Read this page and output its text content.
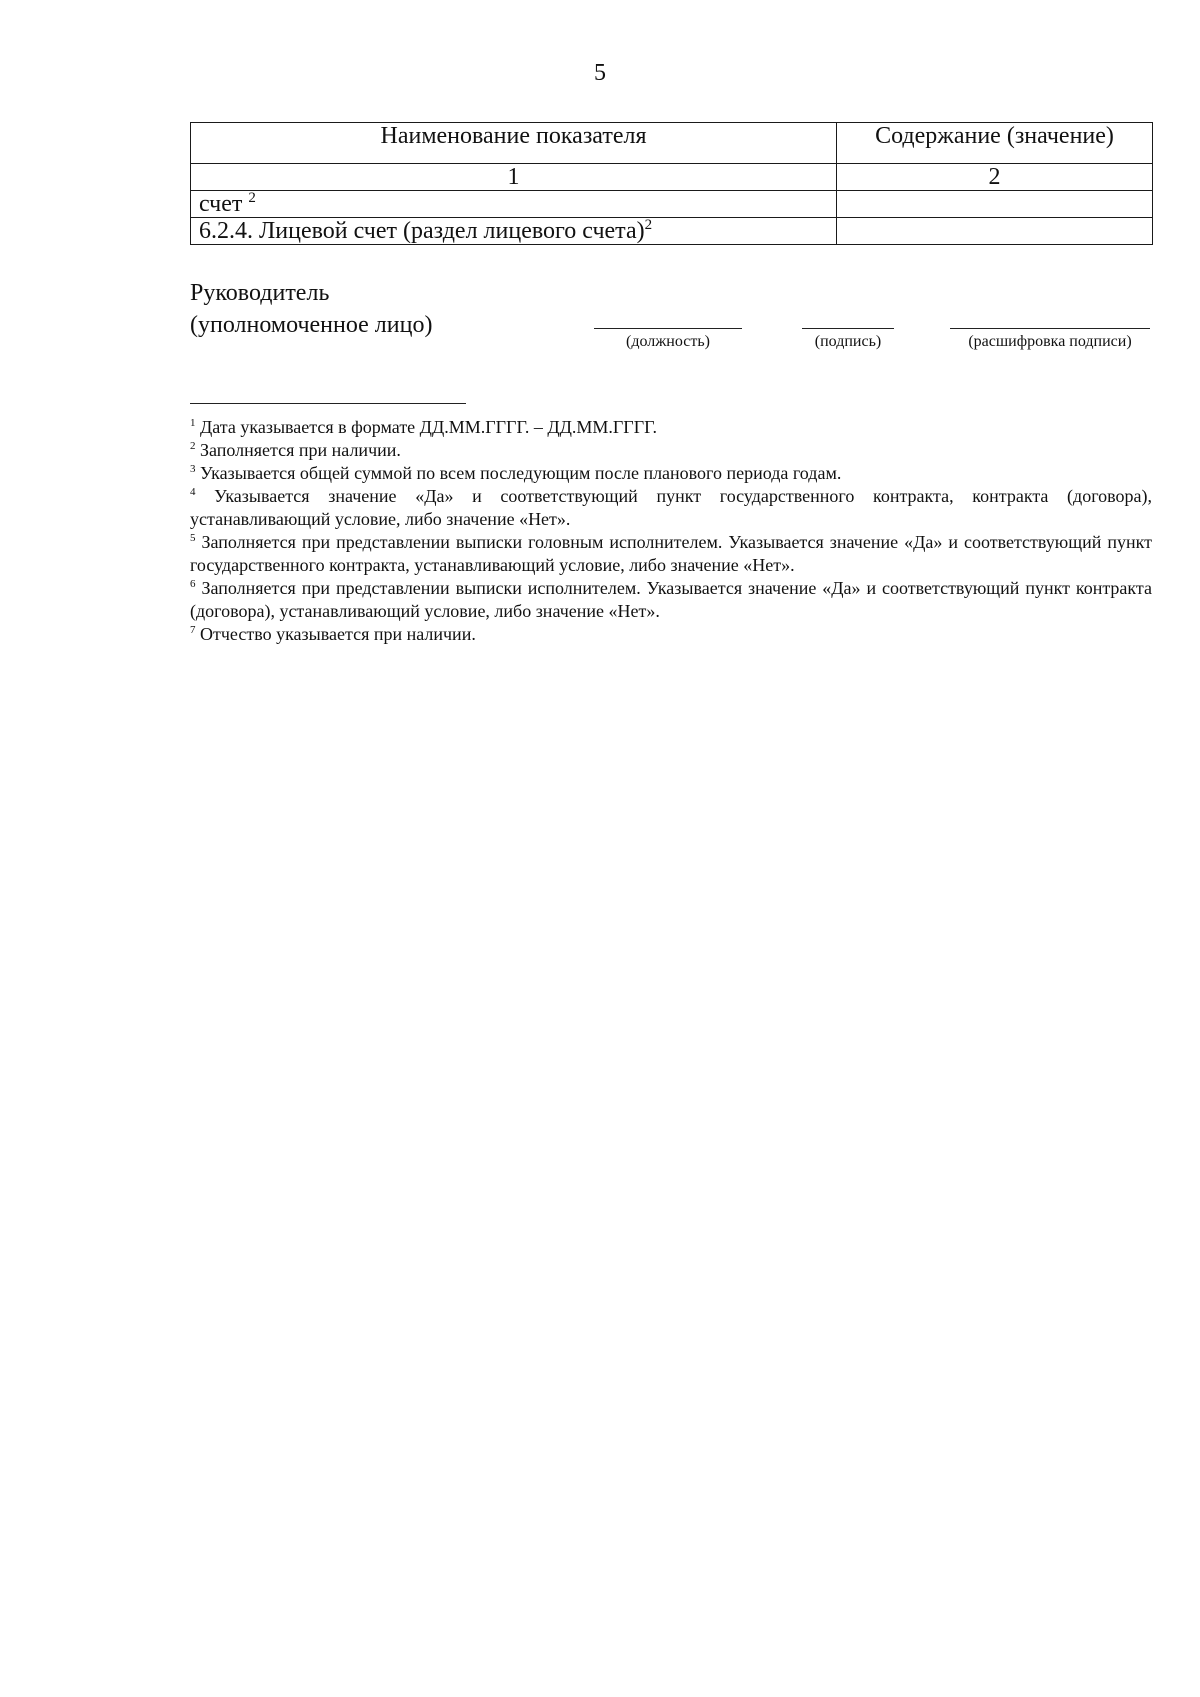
5
Наименование показателя	Содержание (значение)
1	2
счет $^2$	
6.2.4. Лицевой счет (раздел лицевого счета)$^2$	
Руководитель
(уполномоченное лицо)
(должность)	(подпись)	(расшифровка подписи)

$^1$ Дата указывается в формате ДД.ММ.ГГГГ. – ДД.ММ.ГГГГ.

$^2$ Заполняется при наличии.

$^3$ Указывается общей суммой по всем последующим после планового периода годам.

$^4$ Указывается значение «Да» и соответствующий пункт государственного контракта, контракта (договора), устанавливающий условие, либо значение «Нет».

$^5$ Заполняется при представлении выписки головным исполнителем. Указывается значение «Да» и соответствующий пункт государственного контракта, устанавливающий условие, либо значение «Нет».

$^6$ Заполняется при представлении выписки исполнителем. Указывается значение «Да» и соответствующий пункт контракта (договора), устанавливающий условие, либо значение «Нет».

$^7$ Отчество указывается при наличии.
